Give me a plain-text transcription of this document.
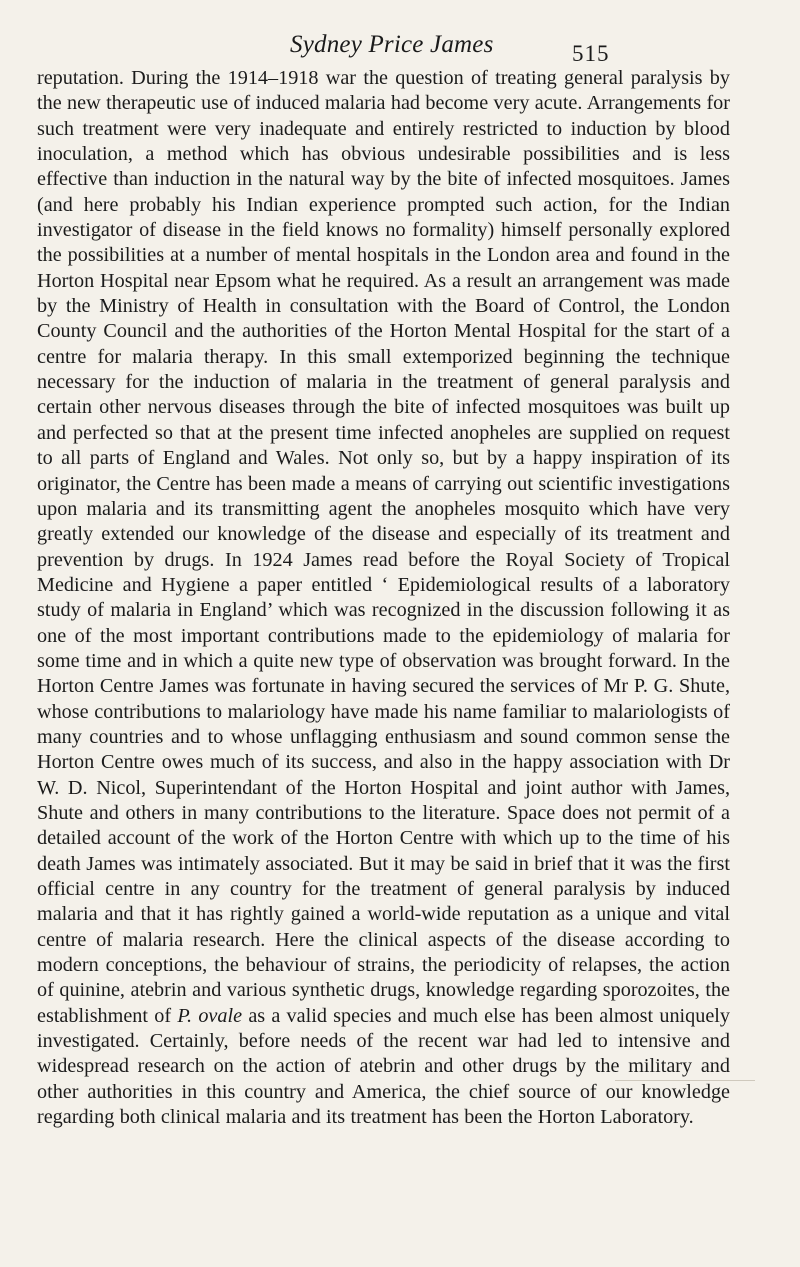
Sydney Price James	515

reputation. During the 1914–1918 war the question of treating general paralysis by the new therapeutic use of induced malaria had become very acute. Arrangements for such treatment were very inadequate and entirely restricted to induction by blood inoculation, a method which has obvious undesirable possibilities and is less effective than induction in the natural way by the bite of infected mosquitoes. James (and here probably his Indian experience prompted such action, for the Indian investigator of disease in the field knows no formality) himself personally explored the possibilities at a number of mental hospitals in the London area and found in the Horton Hospital near Epsom what he required. As a result an arrangement was made by the Ministry of Health in consultation with the Board of Control, the London County Council and the authorities of the Horton Mental Hospital for the start of a centre for malaria therapy. In this small extemporized beginning the technique necessary for the induction of malaria in the treatment of general paralysis and certain other nervous diseases through the bite of infected mosquitoes was built up and perfected so that at the present time infected anopheles are supplied on request to all parts of England and Wales. Not only so, but by a happy inspiration of its originator, the Centre has been made a means of carrying out scientific investigations upon malaria and its transmitting agent the anopheles mosquito which have very greatly extended our knowledge of the disease and especially of its treatment and prevention by drugs. In 1924 James read before the Royal Society of Tropical Medicine and Hygiene a paper entitled ‘ Epidemiological results of a laboratory study of malaria in England’ which was recognized in the discussion following it as one of the most important contributions made to the epidemiology of malaria for some time and in which a quite new type of observation was brought forward. In the Horton Centre James was fortunate in having secured the services of Mr P. G. Shute, whose contributions to malariology have made his name familiar to malariologists of many countries and to whose unflagging enthusiasm and sound common sense the Horton Centre owes much of its success, and also in the happy association with Dr W. D. Nicol, Superintendant of the Horton Hospital and joint author with James, Shute and others in many contributions to the literature. Space does not permit of a detailed account of the work of the Horton Centre with which up to the time of his death James was intimately associated. But it may be said in brief that it was the first official centre in any country for the treatment of general paralysis by induced malaria and that it has rightly gained a world-wide reputation as a unique and vital centre of malaria research. Here the clinical aspects of the disease according to modern conceptions, the behaviour of strains, the periodicity of relapses, the action of quinine, atebrin and various synthetic drugs, knowledge regarding sporozoites, the establishment of P. ovale as a valid species and much else has been almost uniquely investigated. Certainly, before needs of the recent war had led to intensive and widespread research on the action of atebrin and other drugs by the military and other authorities in this country and America, the chief source of our knowledge regarding both clinical malaria and its treatment has been the Horton Laboratory.
